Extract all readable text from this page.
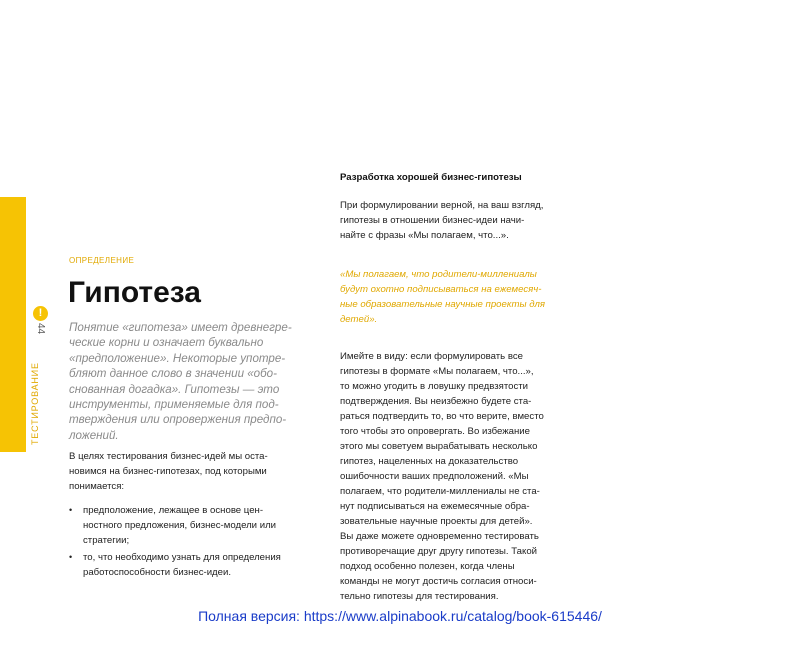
!
44
ТЕСТИРОВАНИЕ
ОПРЕДЕЛЕНИЕ
Гипотеза

Понятие «гипотеза» имеет древнегре-
ческие корни и означает буквально
«предположение». Некоторые употре-
бляют данное слово в значении «обо-
снованная догадка». Гипотезы — это
инструменты, применяемые для под-
тверждения или опровержения предпо-
ложений.

В целях тестирования бизнес-идей мы оста-
новимся на бизнес-гипотезах, под которыми
понимается:

• предположение, лежащее в основе цен-
ностного предложения, бизнес-модели или
стратегии;
• то, что необходимо узнать для определения
работоспособности бизнес-идеи.
Разработка хорошей бизнес-гипотезы

При формулировании верной, на ваш взгляд,
гипотезы в отношении бизнес-идеи начи-
найте с фразы «Мы полагаем, что...».

«Мы полагаем, что родители-миллениалы
будут охотно подписываться на ежемесяч-
ные образовательные научные проекты для
детей».

Имейте в виду: если формулировать все
гипотезы в формате «Мы полагаем, что...»,
то можно угодить в ловушку предвзятости
подтверждения. Вы неизбежно будете ста-
раться подтвердить то, во что верите, вместо
того чтобы это опровергать. Во избежание
этого мы советуем вырабатывать несколько
гипотез, нацеленных на доказательство
ошибочности ваших предположений. «Мы
полагаем, что родители-миллениалы не ста-
нут подписываться на ежемесячные обра-
зовательные научные проекты для детей».
Вы даже можете одновременно тестировать
противоречащие друг другу гипотезы. Такой
подход особенно полезен, когда члены
команды не могут достичь согласия относи-
тельно гипотезы для тестирования.

Полная версия: https://www.alpinabook.ru/catalog/book-615446/
